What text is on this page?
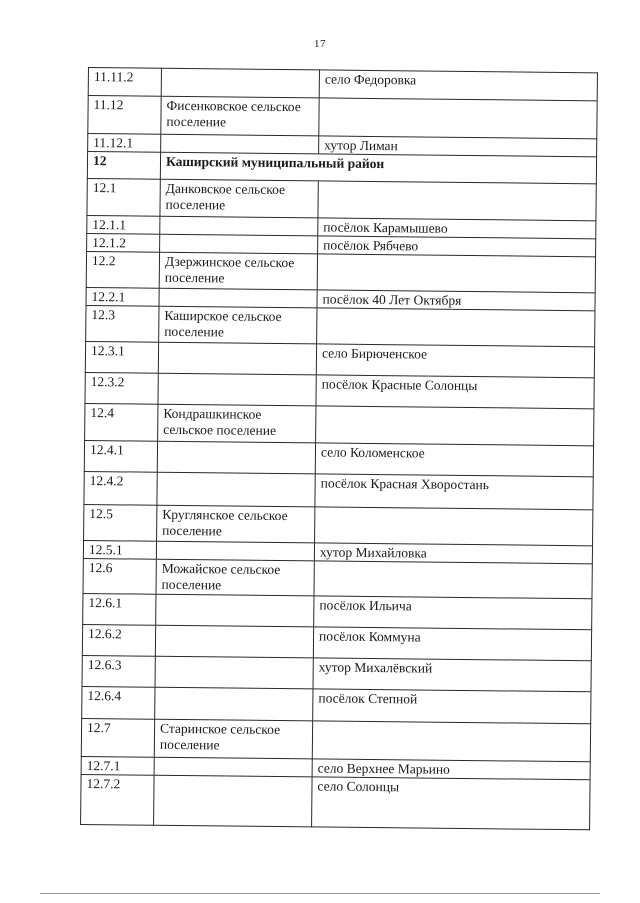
17
11.11.2		село Федоровка
11.12	Фисенковское сельское поселение	
11.12.1		хутор Лиман
12	Каширский муниципальный район	
12.1	Данковское сельское поселение	
12.1.1		посёлок Карамышево
12.1.2		посёлок Рябчево
12.2	Дзержинское сельское поселение	
12.2.1		посёлок 40 Лет Октября
12.3	Каширское сельское поселение	
12.3.1		село Бирюченское
12.3.2		посёлок Красные Солонцы
12.4	Кондрашкинское сельское поселение	
12.4.1		село Коломенское
12.4.2		посёлок Красная Хворостань
12.5	Круглянское сельское поселение	
12.5.1		хутор Михайловка
12.6	Можайское сельское поселение	
12.6.1		посёлок Ильича
12.6.2		посёлок Коммуна
12.6.3		хутор Михалёвский
12.6.4		посёлок Степной
12.7	Старинское сельское поселение	
12.7.1		село Верхнее Марьино
12.7.2		село Солонцы
